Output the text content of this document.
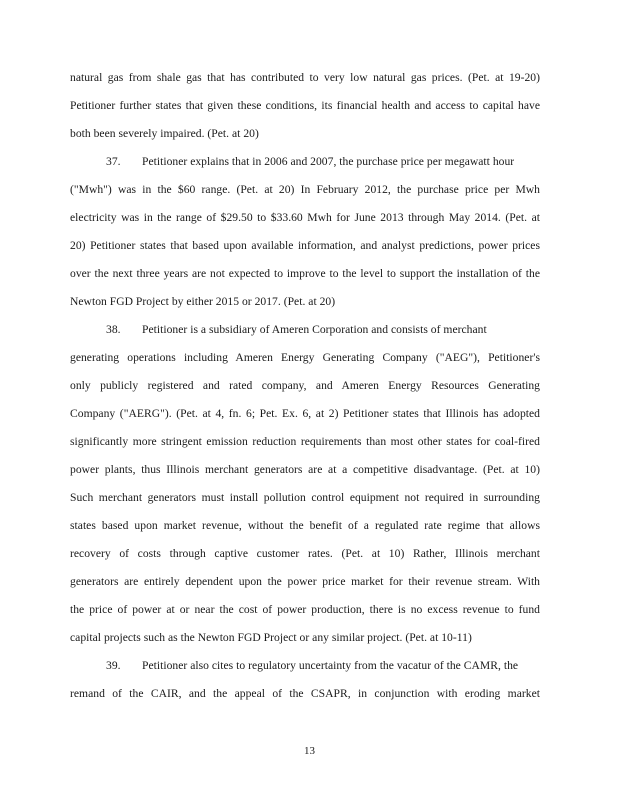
natural gas from shale gas that has contributed to very low natural gas prices. (Pet. at 19-20)
Petitioner further states that given these conditions, its financial health and access to capital have
both been severely impaired. (Pet. at 20)
37. Petitioner explains that in 2006 and 2007, the purchase price per megawatt hour
("Mwh") was in the $60 range. (Pet. at 20) In February 2012, the purchase price per Mwh
electricity was in the range of $29.50 to $33.60 Mwh for June 2013 through May 2014. (Pet. at
20) Petitioner states that based upon available information, and analyst predictions, power prices
over the next three years are not expected to improve to the level to support the installation of the
Newton FGD Project by either 2015 or 2017. (Pet. at 20)
38. Petitioner is a subsidiary of Ameren Corporation and consists of merchant
generating operations including Ameren Energy Generating Company ("AEG"), Petitioner's
only publicly registered and rated company, and Ameren Energy Resources Generating
Company ("AERG"). (Pet. at 4, fn. 6; Pet. Ex. 6, at 2) Petitioner states that Illinois has adopted
significantly more stringent emission reduction requirements than most other states for coal-fired
power plants, thus Illinois merchant generators are at a competitive disadvantage. (Pet. at 10)
Such merchant generators must install pollution control equipment not required in surrounding
states based upon market revenue, without the benefit of a regulated rate regime that allows
recovery of costs through captive customer rates. (Pet. at 10) Rather, Illinois merchant
generators are entirely dependent upon the power price market for their revenue stream. With
the price of power at or near the cost of power production, there is no excess revenue to fund
capital projects such as the Newton FGD Project or any similar project. (Pet. at 10-11)
39. Petitioner also cites to regulatory uncertainty from the vacatur of the CAMR, the
remand of the CAIR, and the appeal of the CSAPR, in conjunction with eroding market
13
